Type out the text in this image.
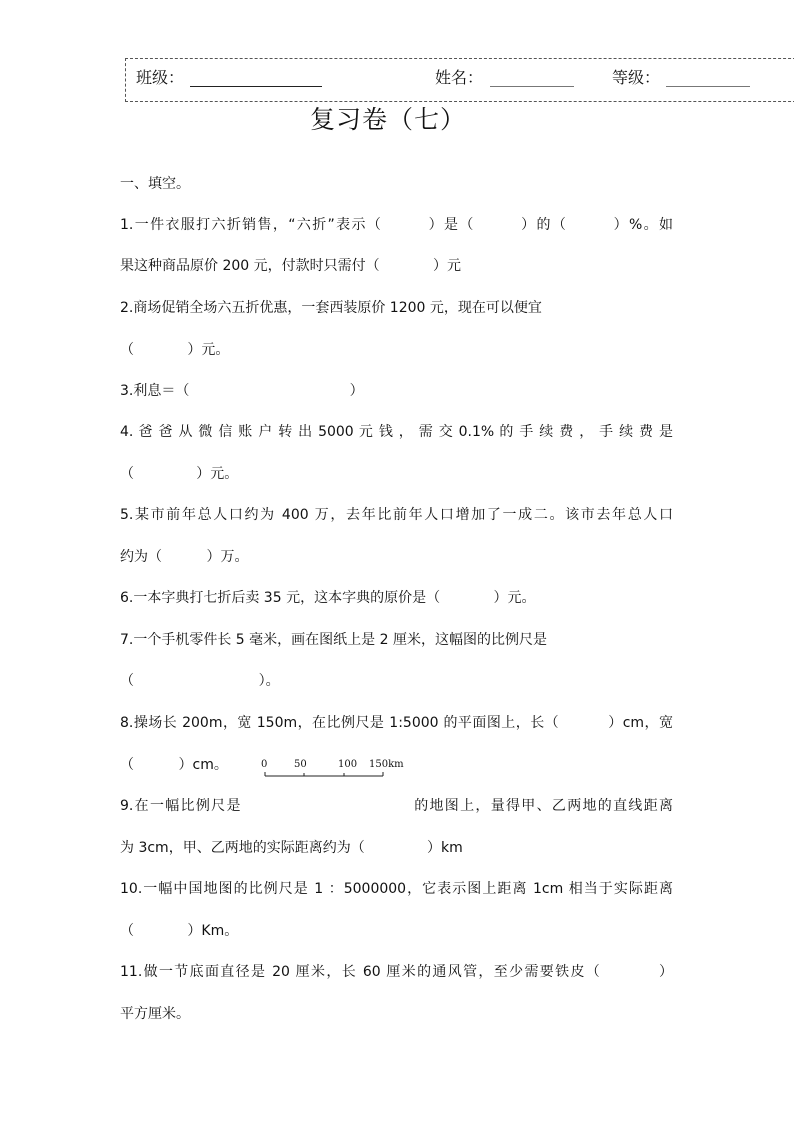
班级：	姓名：	等级：
复习卷（七）
一、填空。
1.一件衣服打六折销售，“六折”表示（        ）是（        ）的（        ）%。如
果这种商品原价 200 元，付款时只需付（            ）元
2.商场促销全场六五折优惠，一套西装原价 1200 元，现在可以便宜
（            ）元。
3.利息＝（                                    ）
4. 爸 爸 从 微 信 账 户 转 出 5000 元 钱 ， 需 交 0.1% 的 手 续 费 ， 手 续 费 是
（              ）元。
5.某市前年总人口约为 400 万，去年比前年人口增加了一成二。该市去年总人口
约为（          ）万。
6.一本字典打七折后卖 35 元，这本字典的原价是（            ）元。
7.一个手机零件长 5 毫米，画在图纸上是 2 厘米，这幅图的比例尺是
（                            ）。
8.操场长 200m，宽 150m，在比例尺是 1:5000 的平面图上，长（          ）cm，宽
（          ）cm。	0	50	100 150km
9.在一幅比例尺是                              的地图上，量得甲、乙两地的直线距离
为 3cm，甲、乙两地的实际距离约为（              ）km
10.一幅中国地图的比例尺是 1 ：5000000，它表示图上距离 1cm 相当于实际距离
（            ）Km。
11.做一节底面直径是 20 厘米，长 60 厘米的通风管，至少需要铁皮（          ）
平方厘米。
